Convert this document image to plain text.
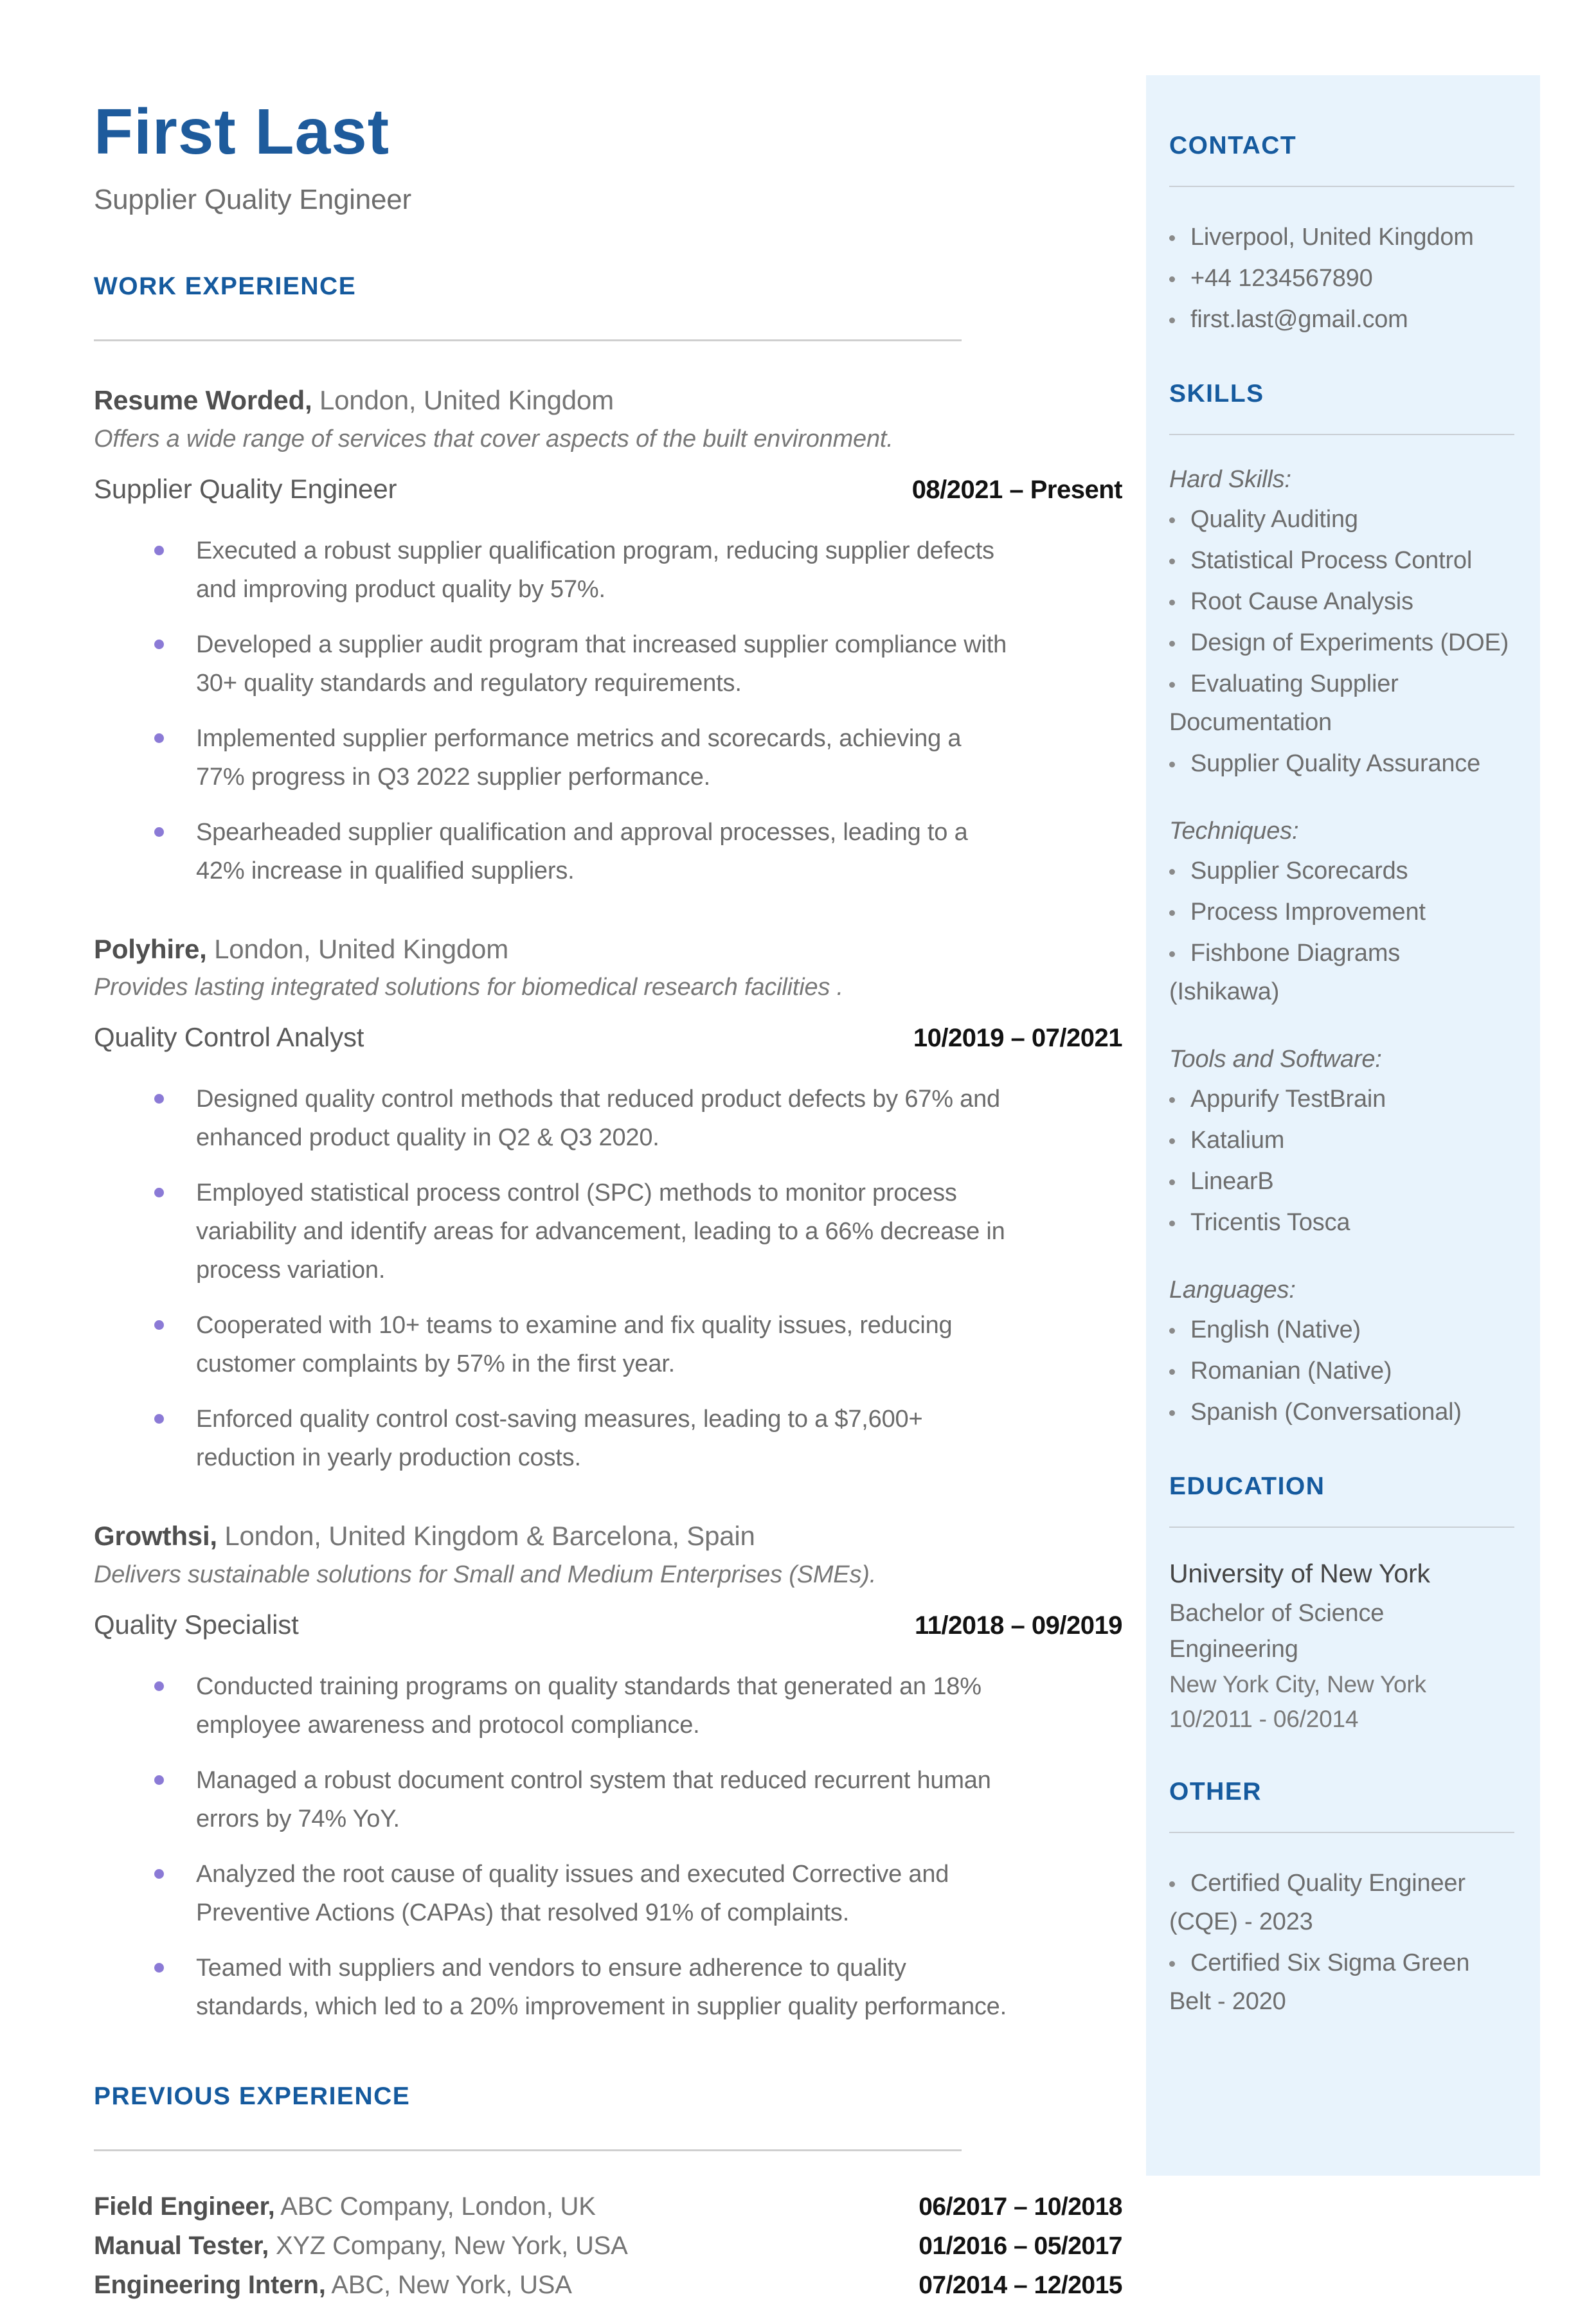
First Last
Supplier Quality Engineer
WORK EXPERIENCE
Resume Worded, London, United Kingdom
Offers a wide range of services that cover aspects of the built environment.
Supplier Quality Engineer	08/2021 – Present
Executed a robust supplier qualification program, reducing supplier defects and improving product quality by 57%.
Developed a supplier audit program that increased supplier compliance with 30+ quality standards and regulatory requirements.
Implemented supplier performance metrics and scorecards, achieving a 77% progress in Q3 2022 supplier performance.
Spearheaded supplier qualification and approval processes, leading to a 42% increase in qualified suppliers.
Polyhire, London, United Kingdom
Provides lasting integrated solutions for biomedical research facilities .
Quality Control Analyst	10/2019 – 07/2021
Designed quality control methods that reduced product defects by 67% and enhanced product quality in Q2 & Q3 2020.
Employed statistical process control (SPC) methods to monitor process variability and identify areas for advancement, leading to a 66% decrease in process variation.
Cooperated with 10+ teams to examine and fix quality issues, reducing customer complaints by 57% in the first year.
Enforced quality control cost-saving measures, leading to a $7,600+ reduction in yearly production costs.
Growthsi, London, United Kingdom & Barcelona, Spain
Delivers sustainable solutions for Small and Medium Enterprises (SMEs).
Quality Specialist	11/2018 – 09/2019
Conducted training programs on quality standards that generated an 18% employee awareness and protocol compliance.
Managed a robust document control system that reduced recurrent human errors by 74% YoY.
Analyzed the root cause of quality issues and executed Corrective and Preventive Actions (CAPAs) that resolved 91% of complaints.
Teamed with suppliers and vendors to ensure adherence to quality standards, which led to a 20% improvement in supplier quality performance.
PREVIOUS EXPERIENCE
Field Engineer, ABC Company, London, UK	06/2017 – 10/2018
Manual Tester, XYZ Company, New York, USA	01/2016 – 05/2017
Engineering Intern, ABC, New York, USA	07/2014 – 12/2015
CONTACT
Liverpool, United Kingdom
+44 1234567890
first.last@gmail.com
SKILLS
Hard Skills:
Quality Auditing
Statistical Process Control
Root Cause Analysis
Design of Experiments (DOE)
Evaluating Supplier Documentation
Supplier Quality Assurance
Techniques:
Supplier Scorecards
Process Improvement
Fishbone Diagrams (Ishikawa)
Tools and Software:
Appurify TestBrain
Katalium
LinearB
Tricentis Tosca
Languages:
English (Native)
Romanian (Native)
Spanish (Conversational)
EDUCATION
University of New York
Bachelor of Science Engineering
New York City, New York
10/2011 - 06/2014
OTHER
Certified Quality Engineer (CQE) - 2023
Certified Six Sigma Green Belt - 2020
